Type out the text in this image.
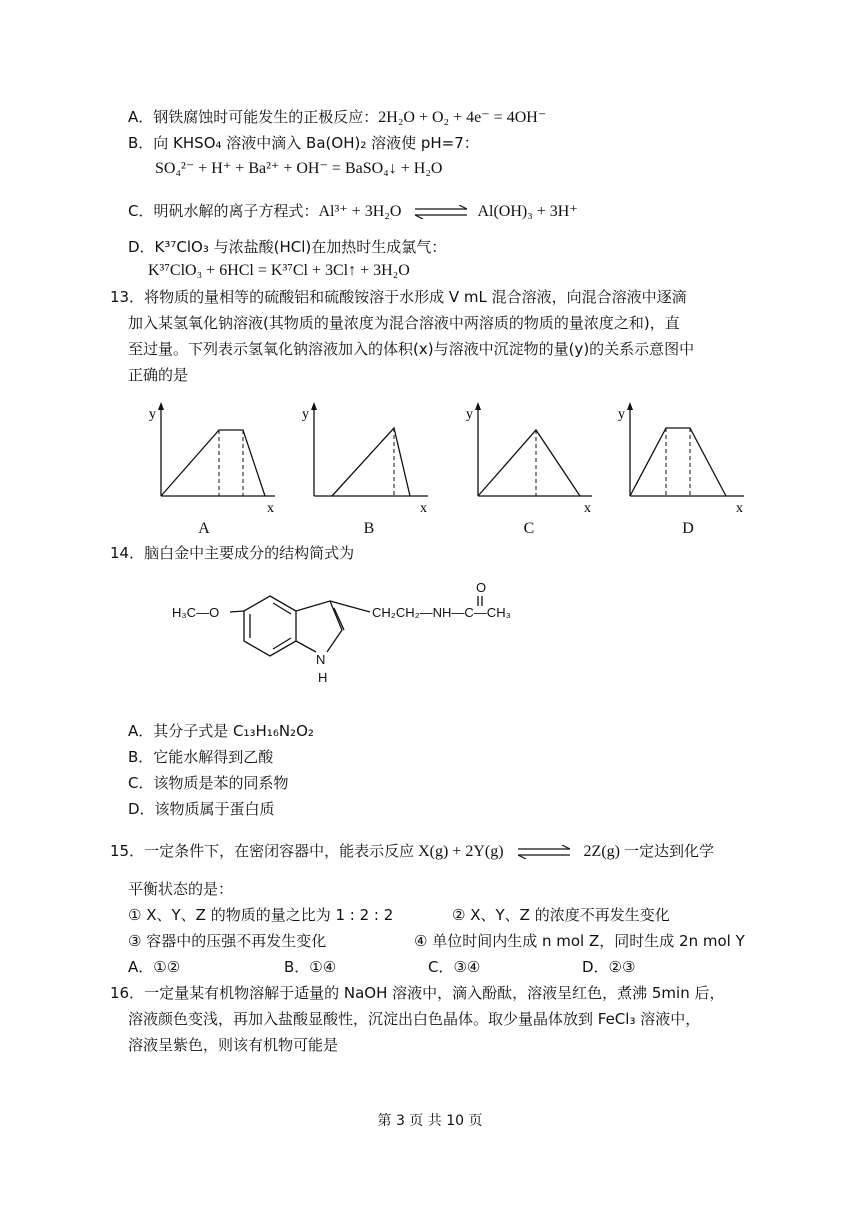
A．钢铁腐蚀时可能发生的正极反应：2H₂O + O₂ + 4e⁻ = 4OH⁻
B．向 KHSO₄ 溶液中滴入 Ba(OH)₂ 溶液使 pH=7：
SO₄²⁻ + H⁺ + Ba²⁺ + OH⁻ = BaSO₄↓ + H₂O
C．明矾水解的离子方程式：Al³⁺ + 3H₂O ⇌ Al(OH)₃ + 3H⁺
D．K³⁷ClO₃ 与浓盐酸(HCl)在加热时生成氯气：
K³⁷ClO₃ + 6HCl = K³⁷Cl + 3Cl↑ + 3H₂O
13．将物质的量相等的硫酸铝和硫酸铵溶于水形成 V mL 混合溶液，向混合溶液中逐滴
加入某氢氧化钠溶液(其物质的量浓度为混合溶液中两溶质的物质的量浓度之和)，直
至过量。下列表示氢氧化钠溶液加入的体积(x)与溶液中沉淀物的量(y)的关系示意图中
正确的是
y
x
y
x
y
x
y
x
A	B	C	D
14．脑白金中主要成分的结构简式为
H₃C—O	CH₂CH₂—NH—C—CH₃
O
N
H
A．其分子式是 C₁₃H₁₆N₂O₂
B．它能水解得到乙酸
C．该物质是苯的同系物
D．该物质属于蛋白质
15．一定条件下，在密闭容器中，能表示反应 X(g) + 2Y(g) ⇌ 2Z(g) 一定达到化学
平衡状态的是：
① X、Y、Z 的物质的量之比为 1 : 2 : 2	② X、Y、Z 的浓度不再发生变化
③ 容器中的压强不再发生变化	④ 单位时间内生成 n mol Z，同时生成 2n mol Y
A．①②	B．①④	C．③④	D．②③
16．一定量某有机物溶解于适量的 NaOH 溶液中，滴入酚酞，溶液呈红色，煮沸 5min 后，
溶液颜色变浅，再加入盐酸显酸性，沉淀出白色晶体。取少量晶体放到 FeCl₃ 溶液中，
溶液呈紫色，则该有机物可能是
第 3 页 共 10 页
